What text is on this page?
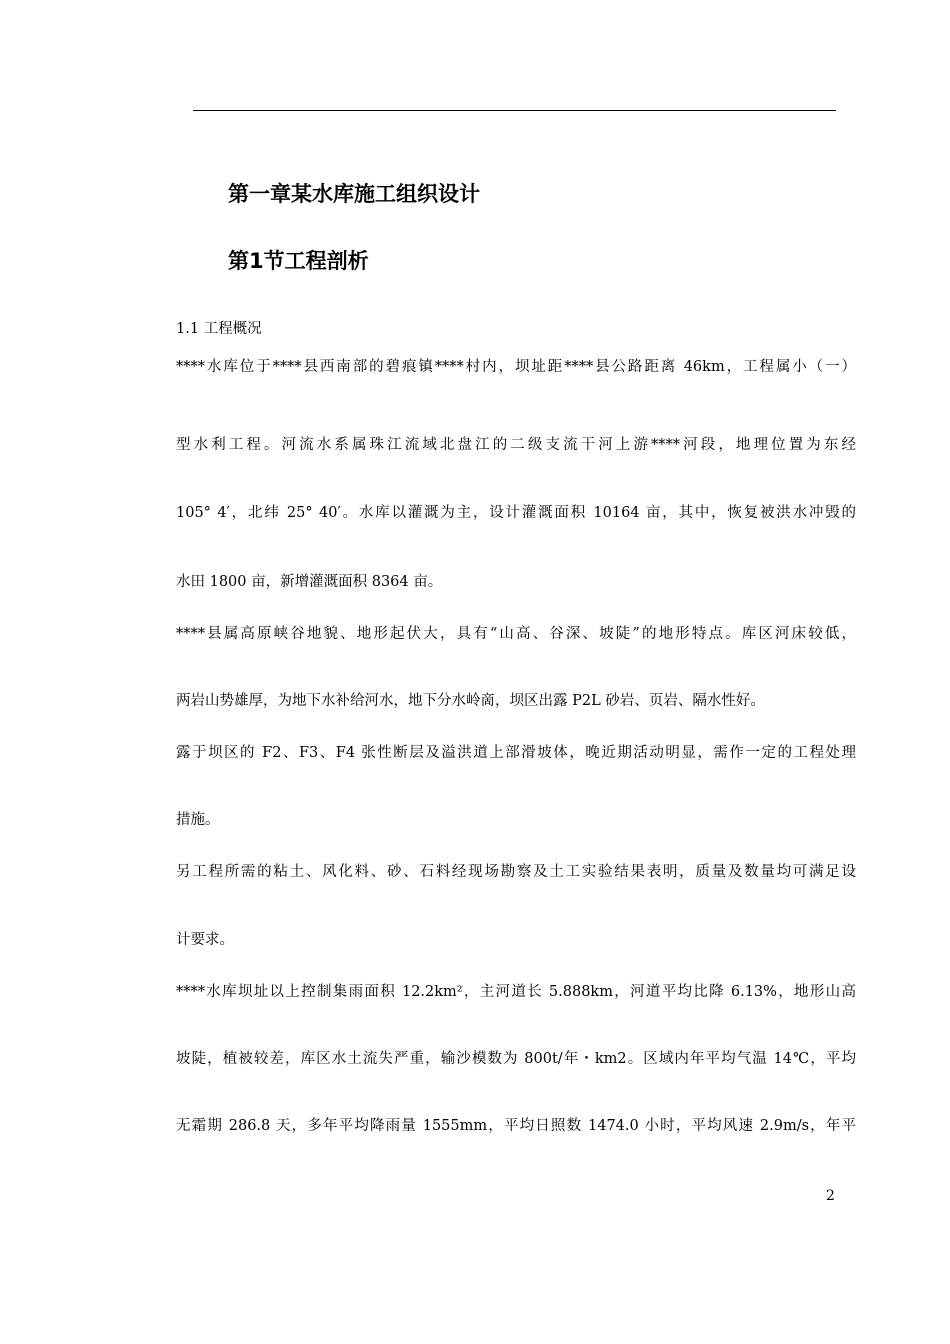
第一章某水库施工组织设计
第1节工程剖析
1.1 工程概况
****水库位于****县西南部的碧痕镇****村内，坝址距****县公路距离 46km，工程属小（一）
型水利工程。河流水系属珠江流域北盘江的二级支流干河上游****河段，地理位置为东经
105° 4′，北纬 25° 40′。水库以灌溉为主，设计灌溉面积 10164 亩，其中，恢复被洪水冲毁的
水田 1800 亩，新增灌溉面积 8364 亩。
****县属高原峡谷地貌、地形起伏大，具有“山高、谷深、坡陡”的地形特点。库区河床较低，
两岩山势雄厚，为地下水补给河水，地下分水岭啇，坝区出露 P2L 砂岩、页岩、隔水性好。
露于坝区的 F2、F3、F4 张性断层及溢洪道上部滑坡体，晚近期活动明显，需作一定的工程处理
措施。
另工程所需的粘土、风化料、砂、石料经现场勘察及土工实验结果表明，质量及数量均可满足设
计要求。
****水库坝址以上控制集雨面积 12.2km²，主河道长 5.888km，河道平均比降 6.13%，地形山高
坡陡，植被较差，库区水土流失严重，输沙模数为 800t/年・km2。区域内年平均气温 14℃，平均
无霜期 286.8 天，多年平均降雨量 1555mm，平均日照数 1474.0 小时，平均风速 2.9m/s，年平
2
